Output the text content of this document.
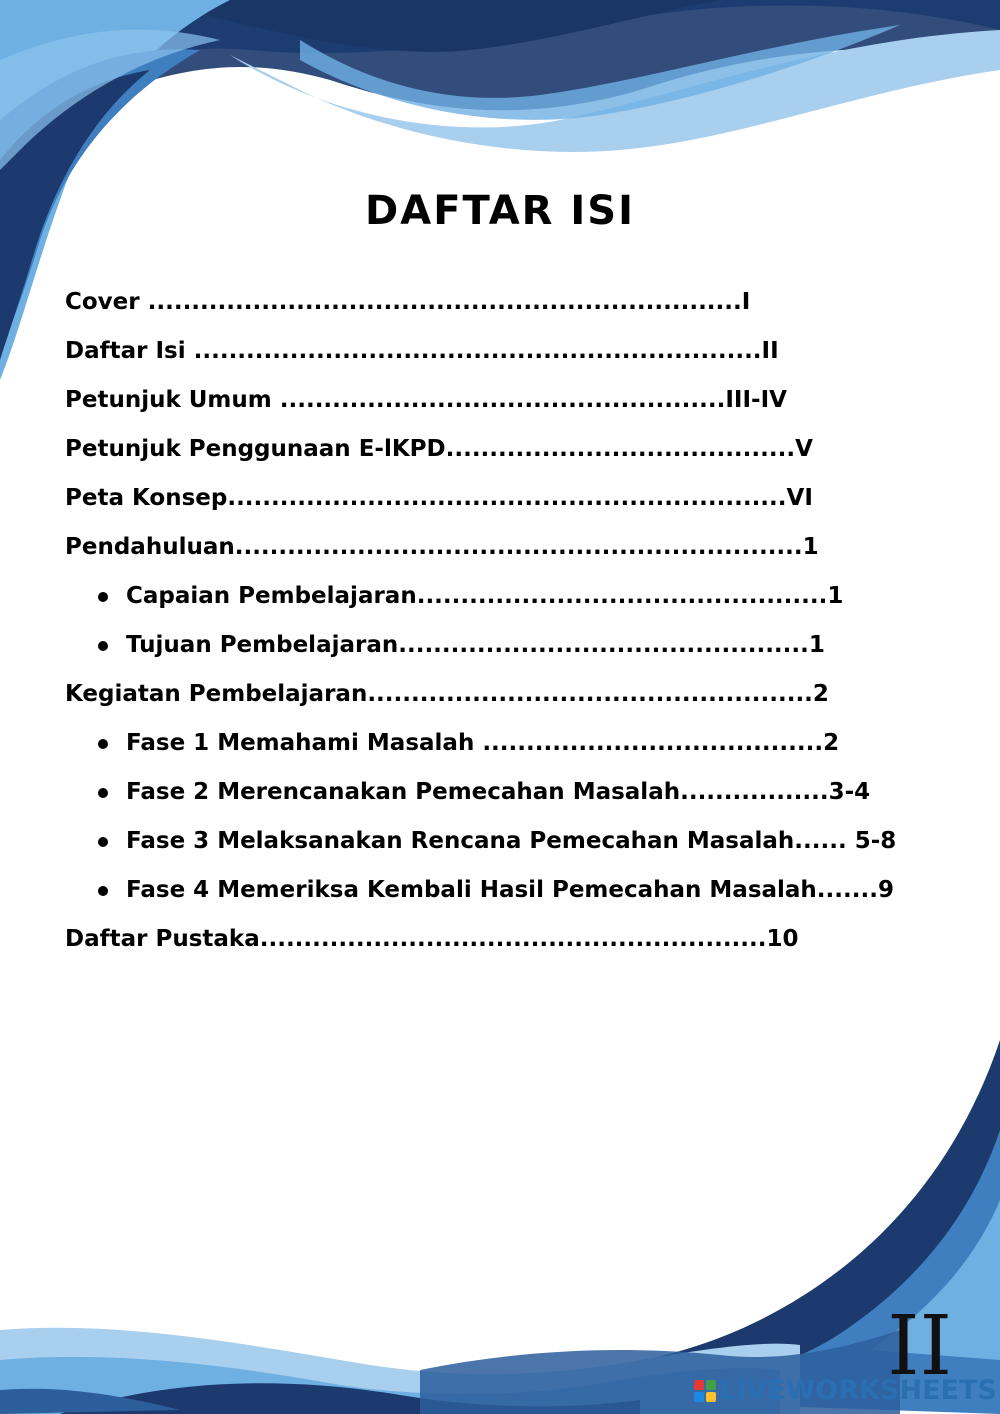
DAFTAR ISI
Cover ....................................................................I
Daftar Isi .................................................................II
Petunjuk Umum ...................................................III-IV
Petunjuk Penggunaan E-lKPD........................................V
Peta Konsep................................................................VI
Pendahuluan.................................................................1
Capaian Pembelajaran...............................................1
Tujuan Pembelajaran...............................................1
Kegiatan Pembelajaran...................................................2
Fase 1 Memahami Masalah .......................................2
Fase 2 Merencanakan Pemecahan Masalah.................3-4
Fase 3 Melaksanakan Rencana Pemecahan Masalah...... 5-8
Fase 4 Memeriksa Kembali Hasil Pemecahan Masalah.......9
Daftar Pustaka..........................................................10
II
LIVEWORKSHEETS
